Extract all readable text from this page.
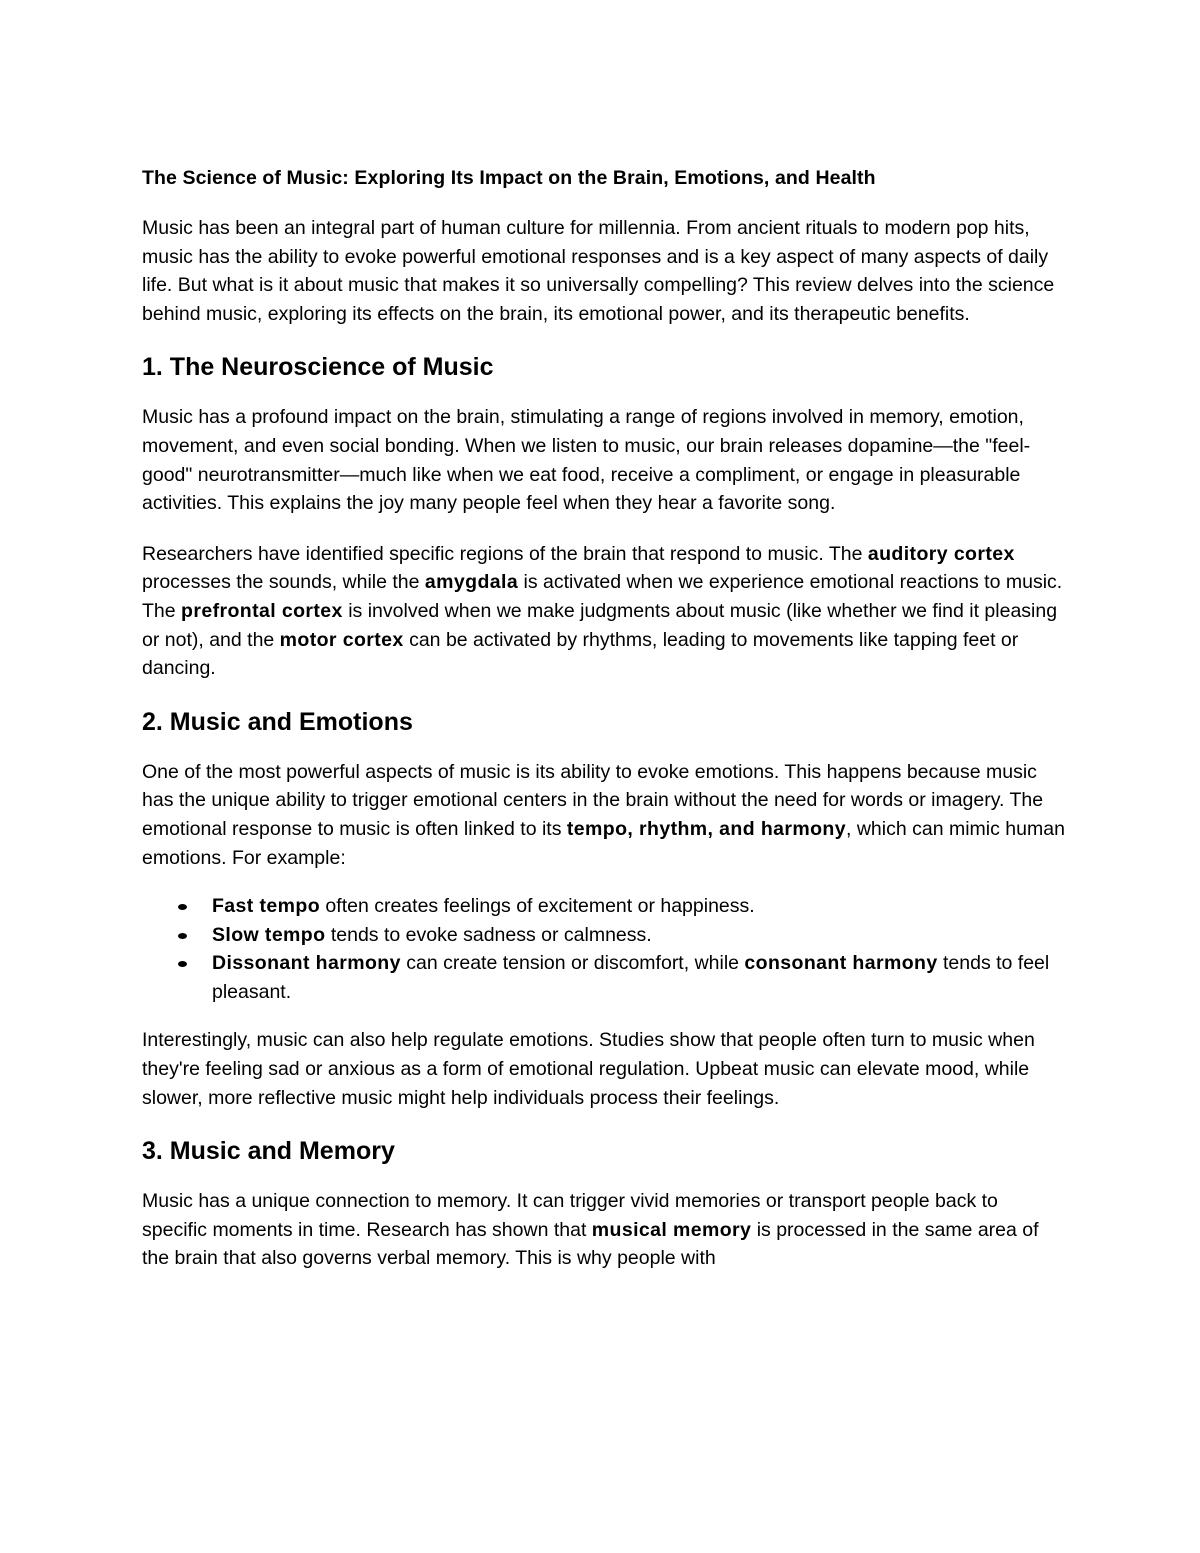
The Science of Music: Exploring Its Impact on the Brain, Emotions, and Health

Music has been an integral part of human culture for millennia. From ancient rituals to modern pop hits, music has the ability to evoke powerful emotional responses and is a key aspect of many aspects of daily life. But what is it about music that makes it so universally compelling? This review delves into the science behind music, exploring its effects on the brain, its emotional power, and its therapeutic benefits.

1. The Neuroscience of Music

Music has a profound impact on the brain, stimulating a range of regions involved in memory, emotion, movement, and even social bonding. When we listen to music, our brain releases dopamine—the "feel-good" neurotransmitter—much like when we eat food, receive a compliment, or engage in pleasurable activities. This explains the joy many people feel when they hear a favorite song.

Researchers have identified specific regions of the brain that respond to music. The auditory cortex processes the sounds, while the amygdala is activated when we experience emotional reactions to music. The prefrontal cortex is involved when we make judgments about music (like whether we find it pleasing or not), and the motor cortex can be activated by rhythms, leading to movements like tapping feet or dancing.

2. Music and Emotions

One of the most powerful aspects of music is its ability to evoke emotions. This happens because music has the unique ability to trigger emotional centers in the brain without the need for words or imagery. The emotional response to music is often linked to its tempo, rhythm, and harmony, which can mimic human emotions. For example:

Fast tempo often creates feelings of excitement or happiness.
Slow tempo tends to evoke sadness or calmness.
Dissonant harmony can create tension or discomfort, while consonant harmony tends to feel pleasant.

Interestingly, music can also help regulate emotions. Studies show that people often turn to music when they're feeling sad or anxious as a form of emotional regulation. Upbeat music can elevate mood, while slower, more reflective music might help individuals process their feelings.

3. Music and Memory

Music has a unique connection to memory. It can trigger vivid memories or transport people back to specific moments in time. Research has shown that musical memory is processed in the same area of the brain that also governs verbal memory. This is why people with
